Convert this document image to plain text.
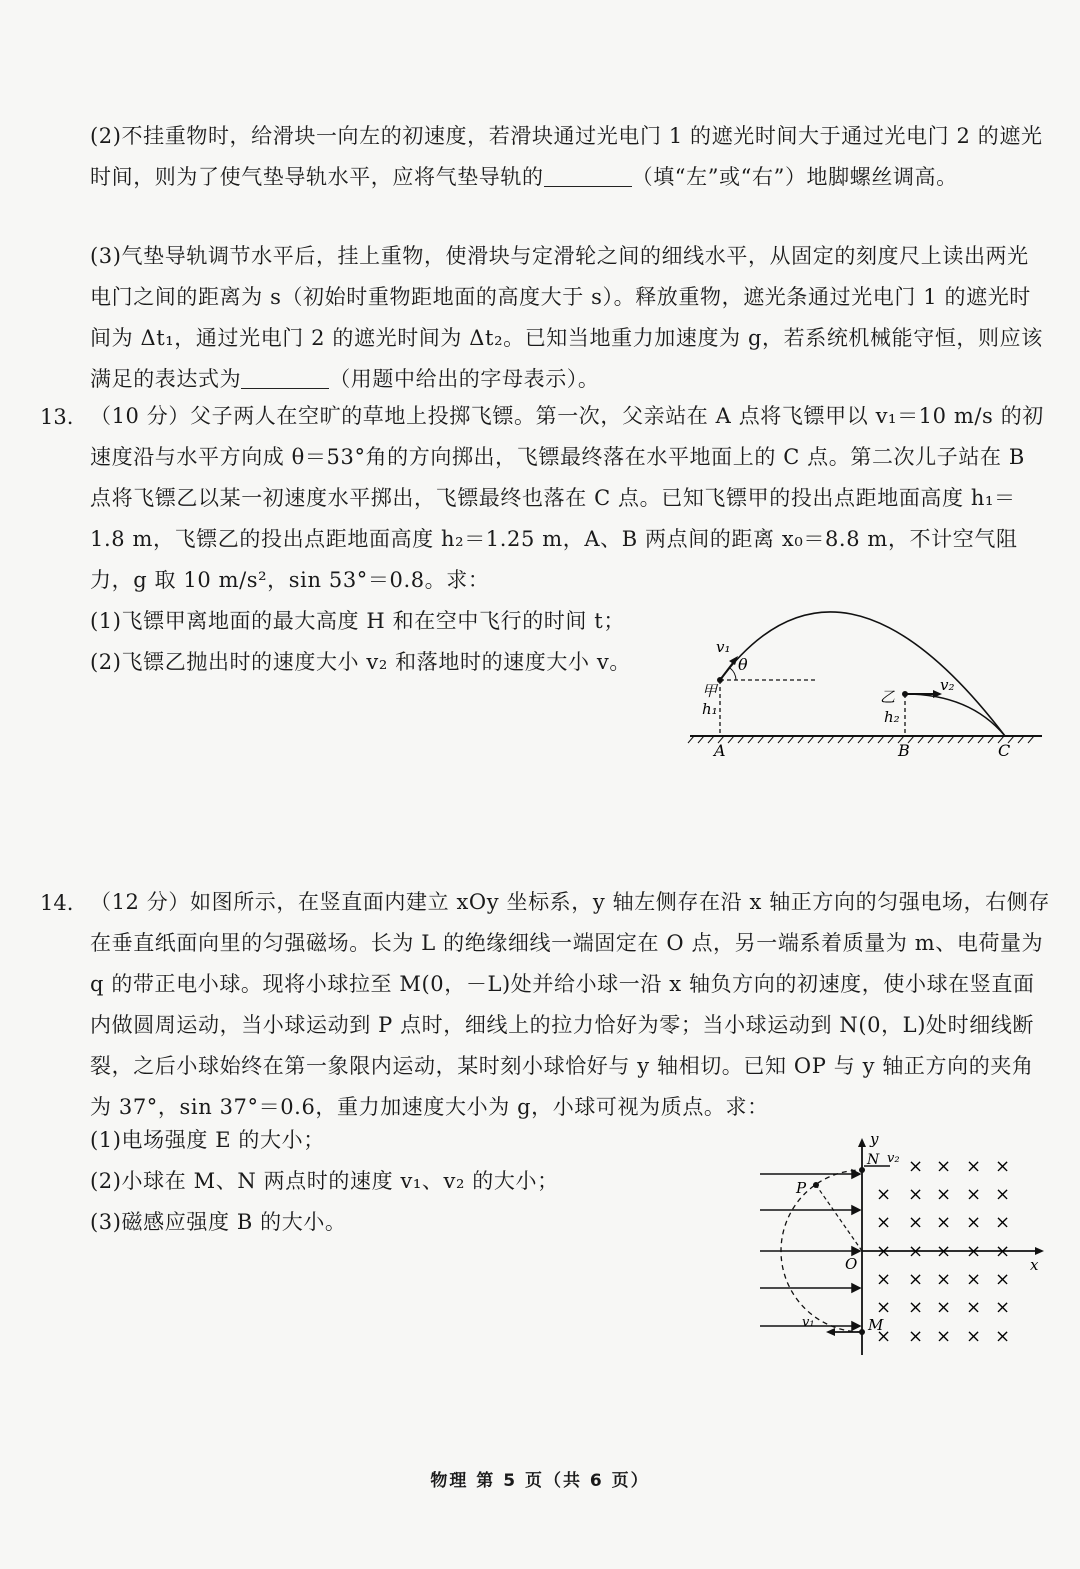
(2)不挂重物时，给滑块一向左的初速度，若滑块通过光电门 1 的遮光时间大于通过光电门 2 的遮光时间，则为了使气垫导轨水平，应将气垫导轨的	（填“左”或“右”）地脚螺丝调高。

(3)气垫导轨调节水平后，挂上重物，使滑块与定滑轮之间的细线水平，从固定的刻度尺上读出两光电门之间的距离为 s（初始时重物距地面的高度大于 s）。释放重物，遮光条通过光电门 1 的遮光时间为 Δt₁，通过光电门 2 的遮光时间为 Δt₂。已知当地重力加速度为 g，若系统机械能守恒，则应该满足的表达式为	（用题中给出的字母表示）。

13. （10 分）父子两人在空旷的草地上投掷飞镖。第一次，父亲站在 A 点将飞镖甲以 v₁＝10 m/s 的初速度沿与水平方向成 θ＝53°角的方向掷出，飞镖最终落在水平地面上的 C 点。第二次儿子站在 B 点将飞镖乙以某一初速度水平掷出，飞镖最终也落在 C 点。已知飞镖甲的投出点距地面高度 h₁＝1.8 m，飞镖乙的投出点距地面高度 h₂＝1.25 m，A、B 两点间的距离 x₀＝8.8 m，不计空气阻力，g 取 10 m/s²，sin 53°＝0.8。求：

(1)飞镖甲离地面的最大高度 H 和在空中飞行的时间 t；

(2)飞镖乙抛出时的速度大小 v₂ 和落地时的速度大小 v。

v₁
θ
甲
h₁
乙
v₂
h₂
A	B	C
14. （12 分）如图所示，在竖直面内建立 xOy 坐标系，y 轴左侧存在沿 x 轴正方向的匀强电场，右侧存在垂直纸面向里的匀强磁场。长为 L 的绝缘细线一端固定在 O 点，另一端系着质量为 m、电荷量为 q 的带正电小球。现将小球拉至 M(0，－L)处并给小球一沿 x 轴负方向的初速度，使小球在竖直面内做圆周运动，当小球运动到 P 点时，细线上的拉力恰好为零；当小球运动到 N(0，L)处时细线断裂，之后小球始终在第一象限内运动，某时刻小球恰好与 y 轴相切。已知 OP 与 y 轴正方向的夹角为 37°，sin 37°＝0.6，重力加速度大小为 g，小球可视为质点。求：

(1)电场强度 E 的大小；

(2)小球在 M、N 两点时的速度 v₁、v₂ 的大小；

(3)磁感应强度 B 的大小。

× × × ×
× × × × ×
× × × × ×
× × × × ×
× × × × ×
× × × × ×
× × × × ×
y
x
N v₂
P
O
M
v₁
物理 第 5 页（共 6 页）
